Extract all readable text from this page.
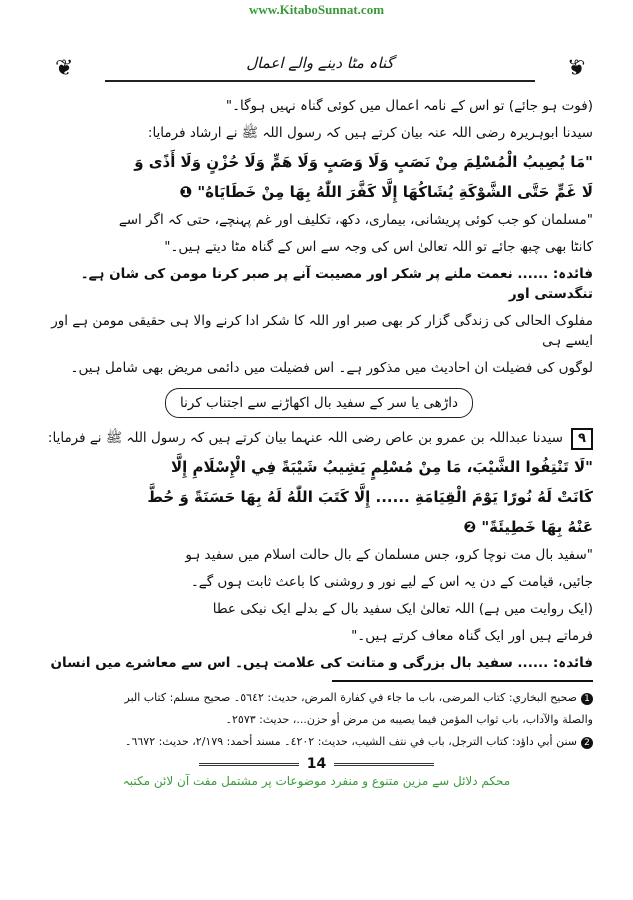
www.KitaboSunnat.com
❦	گناہ مٹا دینے والے اعمال	❦
(فوت ہو جائے) تو اس کے نامہ اعمال میں کوئی گناہ نہیں ہوگا۔"
سیدنا ابوہریرہ رضی اللہ عنہ بیان کرتے ہیں کہ رسول اللہ ﷺ نے ارشاد فرمایا:
"مَا يُصِيبُ الْمُسْلِمَ مِنْ نَصَبٍ وَلَا وَصَبٍ وَلَا هَمٍّ وَلَا حُزْنٍ وَلَا أَذًى وَ
لَا غَمٍّ حَتَّى الشَّوْكَةِ يُشَاكُهَا إِلَّا كَفَّرَ اللّٰهُ بِهَا مِنْ خَطَايَاهُ" ❶
"مسلمان کو جب کوئی پریشانی، بیماری، دکھ، تکلیف اور غم پہنچے، حتی کہ اگر اسے
کانٹا بھی چبھ جائے تو اللہ تعالیٰ اس کی وجہ سے اس کے گناہ مٹا دیتے ہیں۔"
فائدہ: ...... نعمت ملنے پر شکر اور مصیبت آنے پر صبر کرنا مومن کی شان ہے۔ تنگدستی اور
مفلوک الحالی کی زندگی گزار کر بھی صبر اور اللہ کا شکر ادا کرنے والا ہی حقیقی مومن ہے اور ایسے ہی
لوگوں کی فضیلت ان احادیث میں مذکور ہے۔ اس فضیلت میں دائمی مریض بھی شامل ہیں۔
داڑھی یا سر کے سفید بال اکھاڑنے سے اجتناب کرنا
٩
سیدنا عبداللہ بن عمرو بن عاص رضی اللہ عنہما بیان کرتے ہیں کہ رسول اللہ ﷺ نے فرمایا:
"لَا تَنْتِفُوا الشَّيْبَ، مَا مِنْ مُسْلِمٍ يَشِيبُ شَيْبَةً فِي الْإِسْلَامِ إِلَّا
كَانَتْ لَهُ نُورًا يَوْمَ الْقِيَامَةِ ...... إِلَّا كَتَبَ اللّٰهُ لَهُ بِهَا حَسَنَةً وَ حُطَّ
عَنْهُ بِهَا خَطِيئَةً" ❷
"سفید بال مت نوچا کرو، جس مسلمان کے بال حالت اسلام میں سفید ہو
جائیں، قیامت کے دن یہ اس کے لیے نور و روشنی کا باعث ثابت ہوں گے۔
(ایک روایت میں ہے) اللہ تعالیٰ ایک سفید بال کے بدلے ایک نیکی عطا
فرماتے ہیں اور ایک گناہ معاف کرتے ہیں۔"
فائدہ: ...... سفید بال بزرگی و متانت کی علامت ہیں۔ اس سے معاشرے میں انسان
1صحيح البخاري: كتاب المرضى، باب ما جاء في كفارة المرض، حديث: ٥٦٤٢۔ صحيح مسلم: كتاب البر
والصلة والآداب، باب ثواب المؤمن فيما يصيبه من مرض أو حزن...، حديث: ٢٥٧٣۔
2سنن أبي داؤد: كتاب الترجل، باب في نتف الشيب، حديث: ٤٢٠٢۔ مسند أحمد: ٢/١٧٩، حديث: ٦٦٧٢۔
14
محکم دلائل سے مزین متنوع و منفرد موضوعات پر مشتمل مفت آن لائن مکتبہ
